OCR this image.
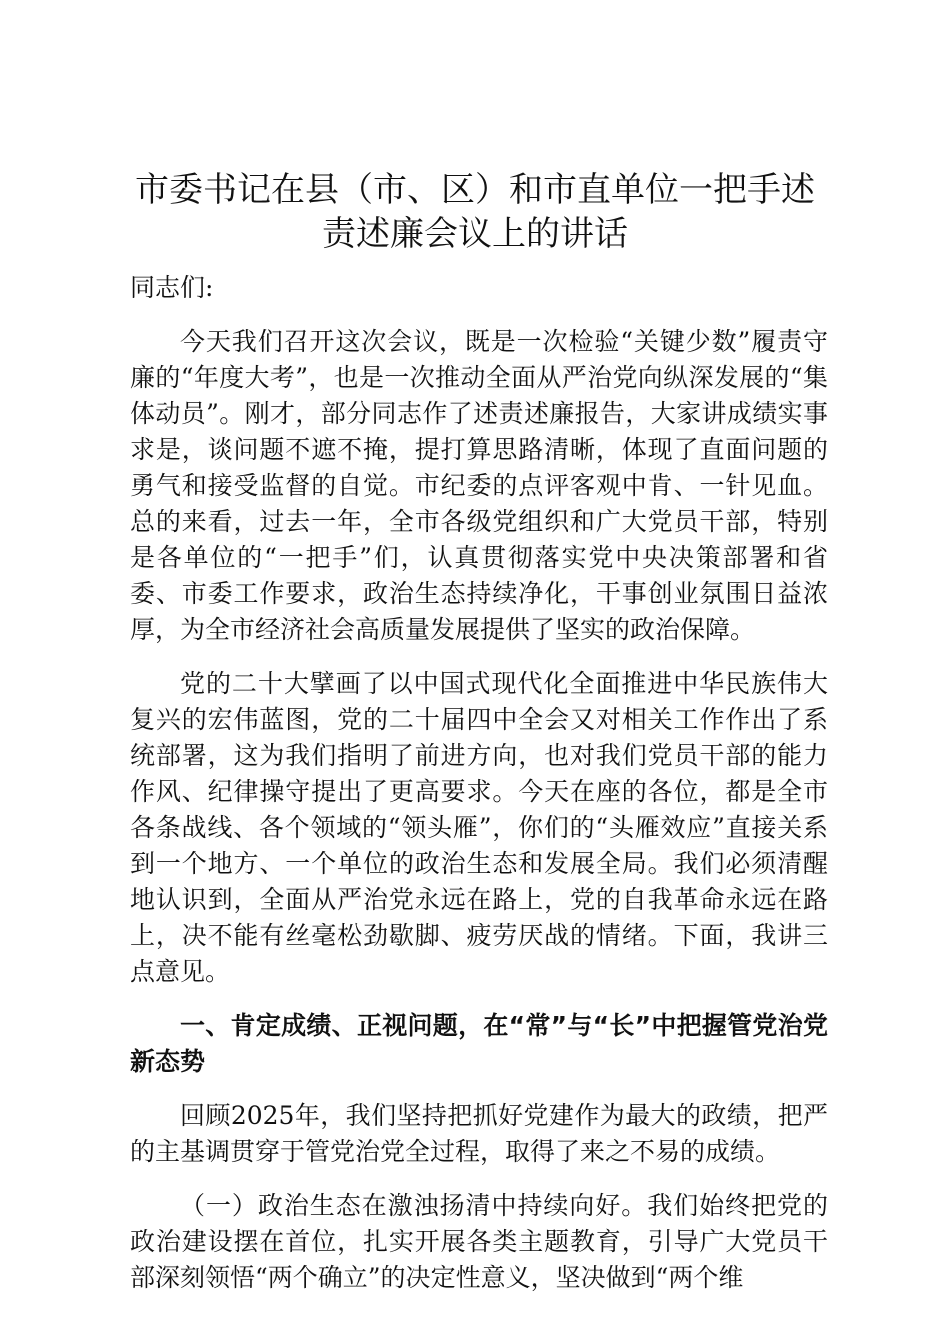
市委书记在县（市、区）和市直单位一把手述责述廉会议上的讲话

同志们:

今天我们召开这次会议，既是一次检验“关键少数”履责守廉的“年度大考”，也是一次推动全面从严治党向纵深发展的“集体动员”。刚才，部分同志作了述责述廉报告，大家讲成绩实事求是，谈问题不遮不掩，提打算思路清晰，体现了直面问题的勇气和接受监督的自觉。市纪委的点评客观中肯、一针见血。总的来看，过去一年，全市各级党组织和广大党员干部，特别是各单位的“一把手”们，认真贯彻落实党中央决策部署和省委、市委工作要求，政治生态持续净化，干事创业氛围日益浓厚，为全市经济社会高质量发展提供了坚实的政治保障。

党的二十大擘画了以中国式现代化全面推进中华民族伟大复兴的宏伟蓝图，党的二十届四中全会又对相关工作作出了系统部署，这为我们指明了前进方向，也对我们党员干部的能力作风、纪律操守提出了更高要求。今天在座的各位，都是全市各条战线、各个领域的“领头雁”，你们的“头雁效应”直接关系到一个地方、一个单位的政治生态和发展全局。我们必须清醒地认识到，全面从严治党永远在路上，党的自我革命永远在路上，决不能有丝毫松劲歇脚、疲劳厌战的情绪。下面，我讲三点意见。

一、肯定成绩、正视问题，在“常”与“长”中把握管党治党新态势

回顾2025年，我们坚持把抓好党建作为最大的政绩，把严的主基调贯穿于管党治党全过程，取得了来之不易的成绩。

（一）政治生态在激浊扬清中持续向好。我们始终把党的政治建设摆在首位，扎实开展各类主题教育，引导广大党员干部深刻领悟“两个确立”的决定性意义，坚决做到“两个维
